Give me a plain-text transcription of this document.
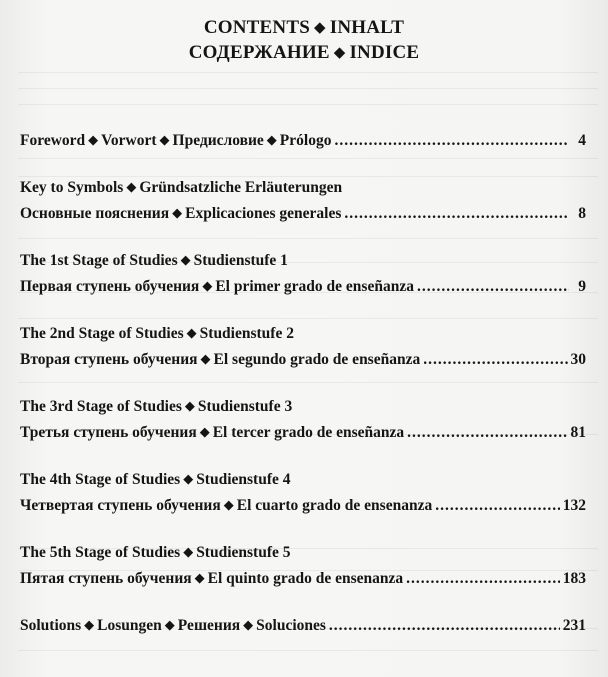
CONTENTS ◆ INHALT
СОДЕРЖАНИЕ ◆ INDICE
Foreword ◆ Vorwort ◆ Предисловие ◆ Prólogo .....	4
Key to Symbols ◆ Gründsatzliche Erläuterungen
Основные пояснения ◆ Explicaciones generales .....	8
The 1st Stage of Studies ◆ Studienstufe 1
Первая ступень обучения ◆ El primer grado de enseñanza .....	9
The 2nd Stage of Studies ◆ Studienstufe 2
Вторая ступень обучения ◆ El segundo grado de enseñanza .....	30
The 3rd Stage of Studies ◆ Studienstufe 3
Третья ступень обучения ◆ El tercer grado de enseñanza .....	81
The 4th Stage of Studies ◆ Studienstufe 4
Четвертая ступень обучения ◆ El cuarto grado de ensenanza .....	132
The 5th Stage of Studies ◆ Studienstufe 5
Пятая ступень обучения ◆ El quinto grado de ensenanza .....	183
Solutions ◆ Losungen ◆ Решения ◆ Soluciones .....	231
